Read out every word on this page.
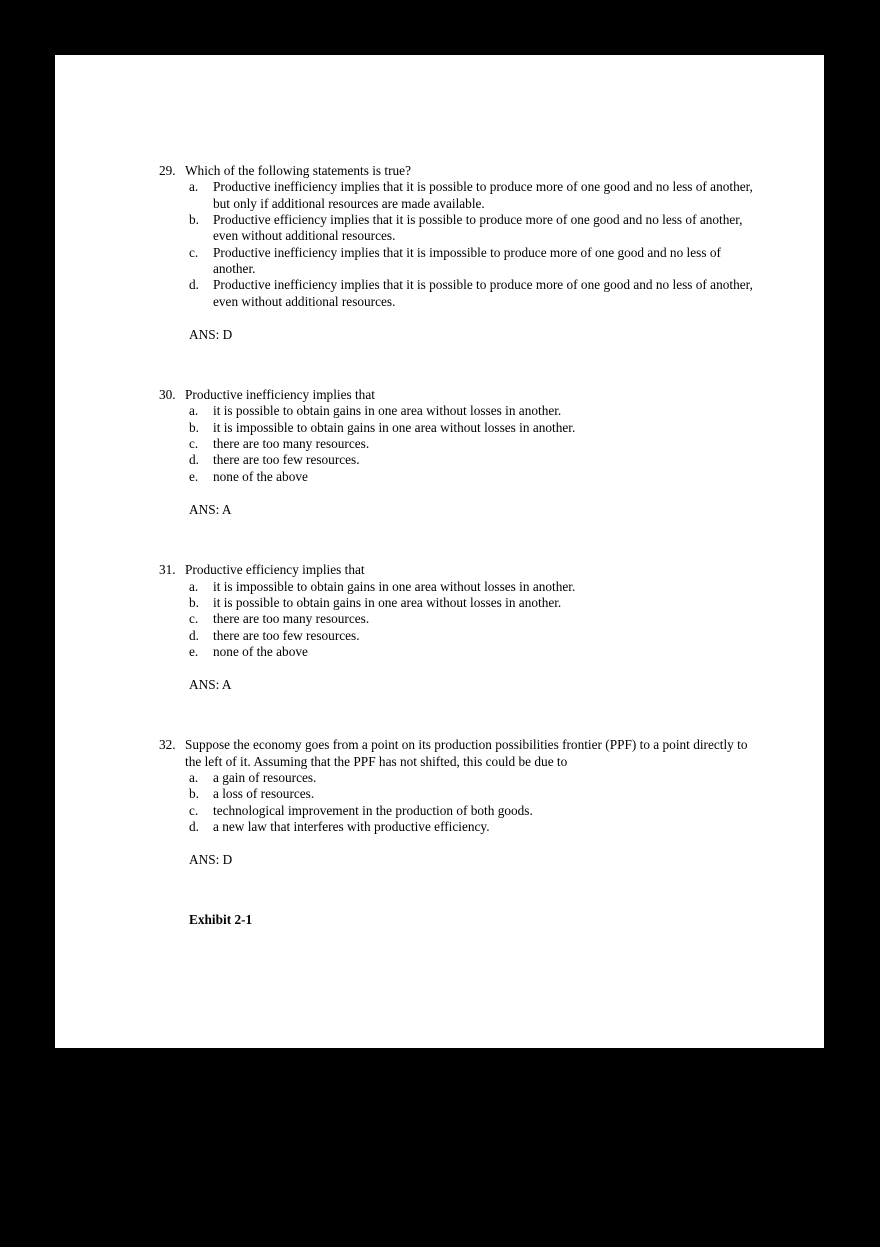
29. Which of the following statements is true?
a.	Productive inefficiency implies that it is possible to produce more of one good and no less of another, but only if additional resources are made available.
b.	Productive efficiency implies that it is possible to produce more of one good and no less of another, even without additional resources.
c.	Productive inefficiency implies that it is impossible to produce more of one good and no less of another.
d.	Productive inefficiency implies that it is possible to produce more of one good and no less of another, even without additional resources.
ANS: D
30. Productive inefficiency implies that
a.	it is possible to obtain gains in one area without losses in another.
b.	it is impossible to obtain gains in one area without losses in another.
c.	there are too many resources.
d.	there are too few resources.
e.	none of the above
ANS: A
31. Productive efficiency implies that
a.	it is impossible to obtain gains in one area without losses in another.
b.	it is possible to obtain gains in one area without losses in another.
c.	there are too many resources.
d.	there are too few resources.
e.	none of the above
ANS: A
32. Suppose the economy goes from a point on its production possibilities frontier (PPF) to a point directly to the left of it. Assuming that the PPF has not shifted, this could be due to
a.	a gain of resources.
b.	a loss of resources.
c.	technological improvement in the production of both goods.
d.	a new law that interferes with productive efficiency.
ANS: D
Exhibit 2-1
